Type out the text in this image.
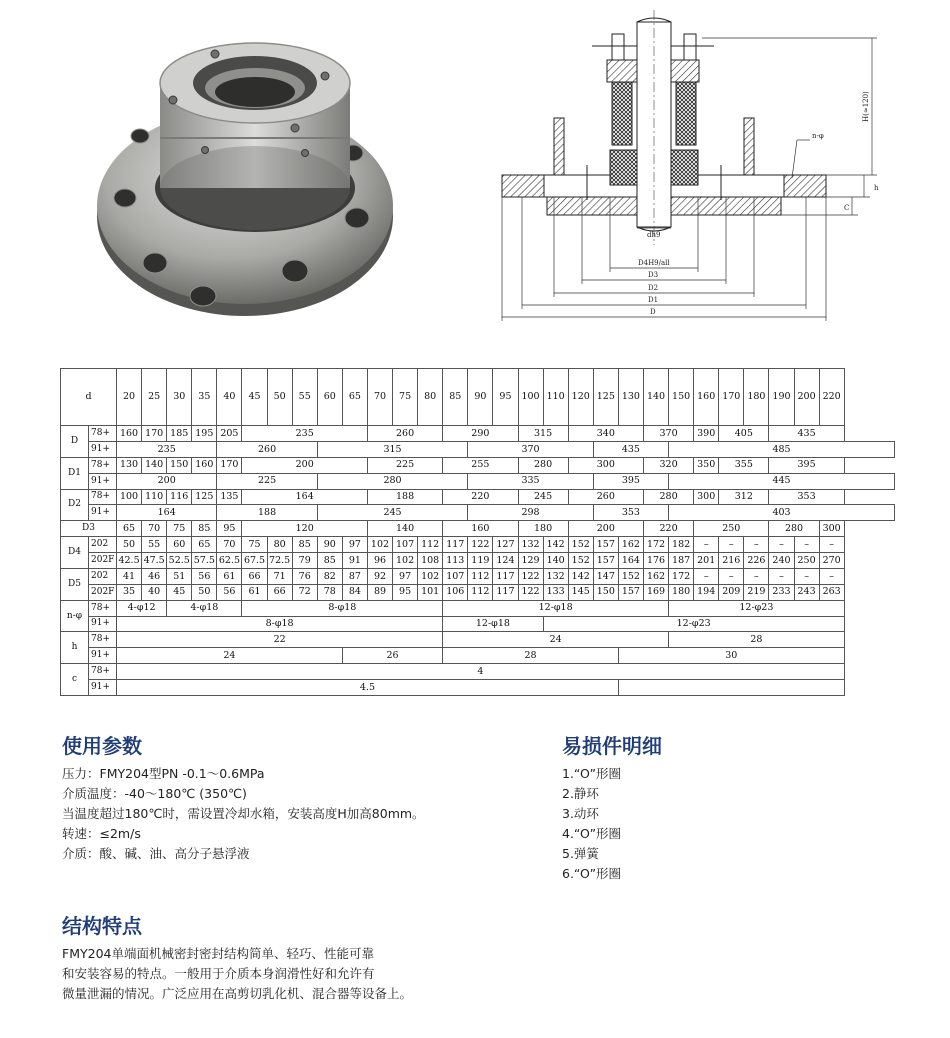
dh9
D4H9/all
D3
D2
D1
D
n-φ
h
C
H(≈120)
d		20	25	30	35	40	45	50	55	60	65	70	75	80	85	90	95	100	110	120	125	130	140	150	160	170	180	190	200	220
D	78+	160	170	185	195	205	235					260			290			315		340			370		390	405		435		
	91+	235				260				315						370					435			485						
D1	78+	130	140	150	160	170	200					225			255			280		300			320		350	355		395		
	91+	200				225				280						335					395			445						
D2	78+	100	110	116	125	135	164					188			220			245		260			280		300	312		353		
	91+	164				188				245						298					353			403						
D3		65	70	75	85	95	120					140			160			180		200			220		250			280		300
D4	202	50	55	60	65	70	75	80	85	90	97	102	107	112	117	122	127	132	142	152	157	162	172	182	–	–	–	–	–	–
	202F	42.5	47.5	52.5	57.5	62.5	67.5	72.5	79	85	91	96	102	108	113	119	124	129	140	152	157	164	176	187	201	216	226	240	250	270
D5	202	41	46	51	56	61	66	71	76	82	87	92	97	102	107	112	117	122	132	142	147	152	162	172	–	–	–	–	–	–
	202F	35	40	45	50	56	61	66	72	78	84	89	95	101	106	112	117	122	133	145	150	157	169	180	194	209	219	233	243	263
n-φ	78+	4-φ12		4-φ18			8-φ18								12-φ18									12-φ23						
	91+	8-φ18													12-φ18				12-φ23											
h	78+	22													24									28						
	91+	24									26				28							30								
c	78+	4																												
	91+	4.5																												
使用参数
压力：FMY204型PN -0.1～0.6MPa
介质温度：-40～180℃ (350℃)
当温度超过180℃时，需设置冷却水箱，安装高度H加高80mm。
转速：≤2m/s
介质：酸、碱、油、高分子悬浮液
易损件明细
1.“O”形圈
2.静环
3.动环
4.“O”形圈
5.弹簧
6.“O”形圈
结构特点
FMY204单端面机械密封密封结构简单、轻巧、性能可靠
和安装容易的特点。一般用于介质本身润滑性好和允许有
微量泄漏的情况。广泛应用在高剪切乳化机、混合器等设备上。
